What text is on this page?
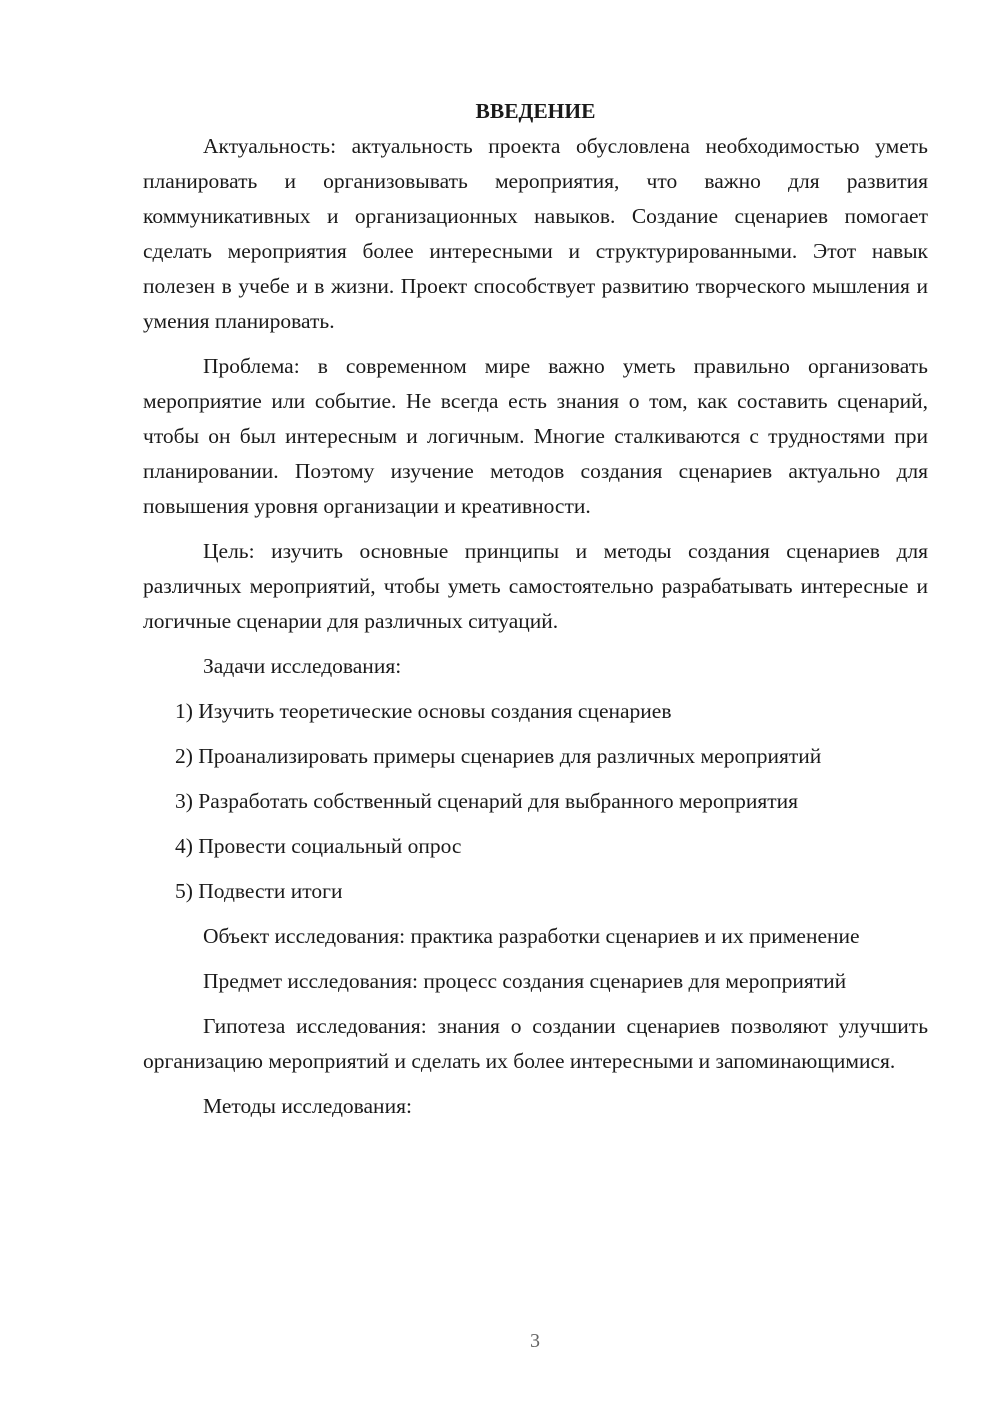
ВВЕДЕНИЕ

Актуальность: актуальность проекта обусловлена необходимостью уметь планировать и организовывать мероприятия, что важно для развития коммуникативных и организационных навыков. Создание сценариев помогает сделать мероприятия более интересными и структурированными. Этот навык полезен в учебе и в жизни. Проект способствует развитию творческого мышления и умения планировать.

Проблема: в современном мире важно уметь правильно организовать мероприятие или событие. Не всегда есть знания о том, как составить сценарий, чтобы он был интересным и логичным. Многие сталкиваются с трудностями при планировании. Поэтому изучение методов создания сценариев актуально для повышения уровня организации и креативности.

Цель: изучить основные принципы и методы создания сценариев для различных мероприятий, чтобы уметь самостоятельно разрабатывать интересные и логичные сценарии для различных ситуаций.

Задачи исследования:

1) Изучить теоретические основы создания сценариев

2) Проанализировать примеры сценариев для различных мероприятий

3) Разработать собственный сценарий для выбранного мероприятия

4) Провести социальный опрос

5) Подвести итоги

Объект исследования: практика разработки сценариев и их применение

Предмет исследования: процесс создания сценариев для мероприятий

Гипотеза исследования: знания о создании сценариев позволяют улучшить организацию мероприятий и сделать их более интересными и запоминающимися.

Методы исследования:

3
